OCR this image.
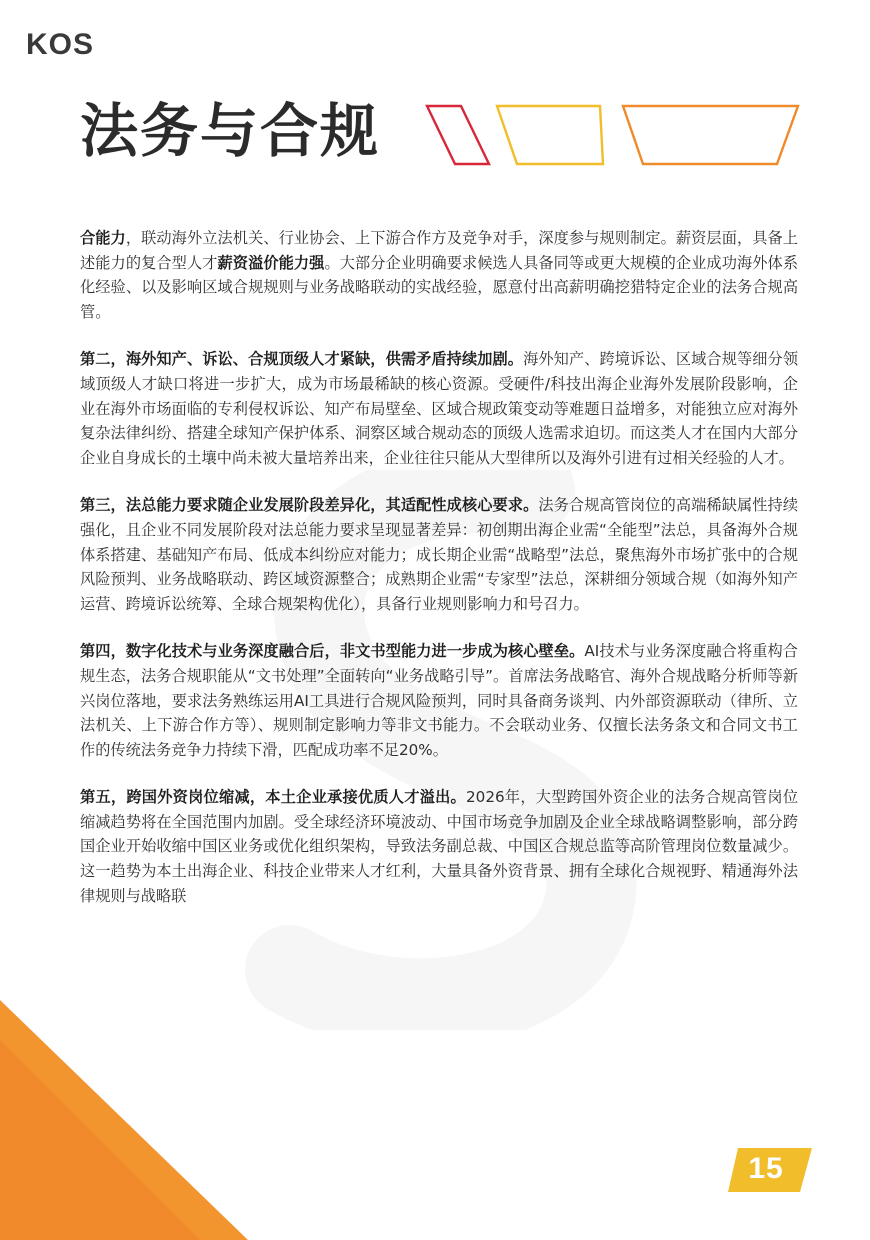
KOS
法务与合规

合能力，联动海外立法机关、行业协会、上下游合作方及竞争对手，深度参与规则制定。薪资层面，具备上述能力的复合型人才薪资溢价能力强。大部分企业明确要求候选人具备同等或更大规模的企业成功海外体系化经验、以及影响区域合规规则与业务战略联动的实战经验，愿意付出高薪明确挖猎特定企业的法务合规高管。

第二，海外知产、诉讼、合规顶级人才紧缺，供需矛盾持续加剧。海外知产、跨境诉讼、区域合规等细分领域顶级人才缺口将进一步扩大，成为市场最稀缺的核心资源。受硬件/科技出海企业海外发展阶段影响，企业在海外市场面临的专利侵权诉讼、知产布局壁垒、区域合规政策变动等难题日益增多，对能独立应对海外复杂法律纠纷、搭建全球知产保护体系、洞察区域合规动态的顶级人选需求迫切。而这类人才在国内大部分企业自身成长的土壤中尚未被大量培养出来，企业往往只能从大型律所以及海外引进有过相关经验的人才。

第三，法总能力要求随企业发展阶段差异化，其适配性成核心要求。法务合规高管岗位的高端稀缺属性持续强化，且企业不同发展阶段对法总能力要求呈现显著差异：初创期出海企业需“全能型”法总，具备海外合规体系搭建、基础知产布局、低成本纠纷应对能力；成长期企业需“战略型”法总，聚焦海外市场扩张中的合规风险预判、业务战略联动、跨区域资源整合；成熟期企业需“专家型”法总，深耕细分领域合规（如海外知产运营、跨境诉讼统筹、全球合规架构优化），具备行业规则影响力和号召力。

第四，数字化技术与业务深度融合后，非文书型能力进一步成为核心壁垒。AI技术与业务深度融合将重构合规生态，法务合规职能从“文书处理”全面转向“业务战略引导”。首席法务战略官、海外合规战略分析师等新兴岗位落地，要求法务熟练运用AI工具进行合规风险预判，同时具备商务谈判、内外部资源联动（律所、立法机关、上下游合作方等）、规则制定影响力等非文书能力。不会联动业务、仅擅长法务条文和合同文书工作的传统法务竞争力持续下滑，匹配成功率不足20%。

第五，跨国外资岗位缩减，本土企业承接优质人才溢出。2026年，大型跨国外资企业的法务合规高管岗位缩减趋势将在全国范围内加剧。受全球经济环境波动、中国市场竞争加剧及企业全球战略调整影响，部分跨国企业开始收缩中国区业务或优化组织架构，导致法务副总裁、中国区合规总监等高阶管理岗位数量减少。这一趋势为本土出海企业、科技企业带来人才红利，大量具备外资背景、拥有全球化合规视野、精通海外法律规则与战略联

15
